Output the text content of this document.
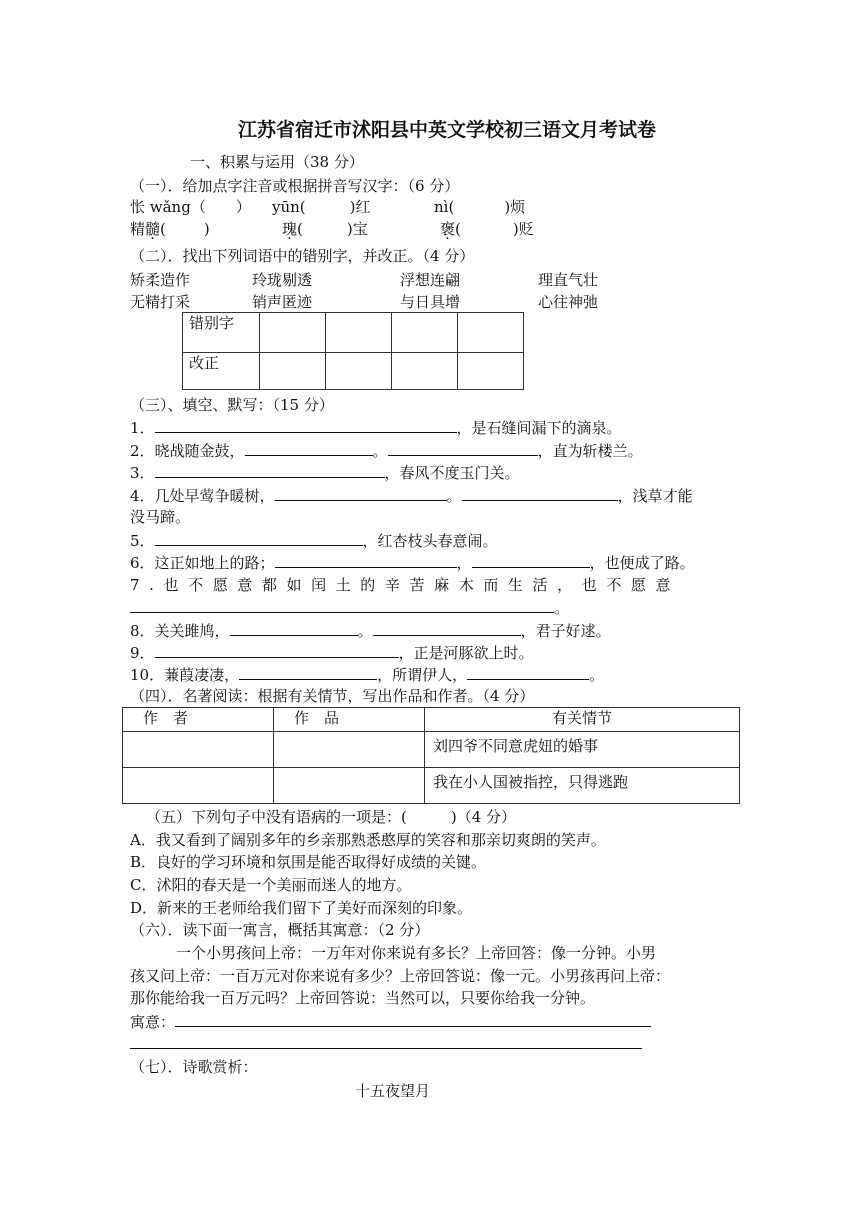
江苏省宿迁市沭阳县中英文学校初三语文月考试卷
一、积累与运用（38 分）
（一）．给加点字注音或根据拼音写汉字：（6 分）
怅 wǎng（ ） yūn(	)红	nì(	)烦
精髓(	)	瑰(	)宝	褒(	)贬
（二）．找出下列词语中的错别字，并改正。（4 分）
矫柔造作	玲珑剔透	浮想连翩	理直气壮
无精打采	销声匿迹	与日具增	心往神弛
错别字				
改正				
（三）、填空、默写：（15 分）
1．	，是石缝间漏下的滴泉。
2．晓战随金鼓，	。	，直为斩楼兰。
3．	，春风不度玉门关。
4．几处早莺争暖树，	。	，浅草才能
没马蹄。
5．	，红杏枝头春意闹。
6．这正如地上的路；	，	，也便成了路。
7.也不愿意都如闰土的辛苦麻木而生活，也不愿意
。
8．关关雎鸠，	。	，君子好逑。
9．	，正是河豚欲上时。
10．蒹葭凄凄，	，所谓伊人，	。
（四）．名著阅读：根据有关情节，写出作品和作者。（4 分）
作　者	作　品	有关情节
		刘四爷不同意虎妞的婚事
		我在小人国被指控，只得逃跑
（五）下列句子中没有语病的一项是：(	)（4 分）
A．我又看到了阔别多年的乡亲那熟悉憨厚的笑容和那亲切爽朗的笑声。
B．良好的学习环境和氛围是能否取得好成绩的关键。
C．沭阳的春天是一个美丽而迷人的地方。
D．新来的王老师给我们留下了美好而深刻的印象。
（六）．读下面一寓言，概括其寓意：（2 分）
一个小男孩问上帝：一万年对你来说有多长？上帝回答：像一分钟。小男
孩又问上帝：一百万元对你来说有多少？上帝回答说：像一元。小男孩再问上帝：
那你能给我一百万元吗？上帝回答说：当然可以，只要你给我一分钟。
寓意：
（七）．诗歌赏析：
十五夜望月
